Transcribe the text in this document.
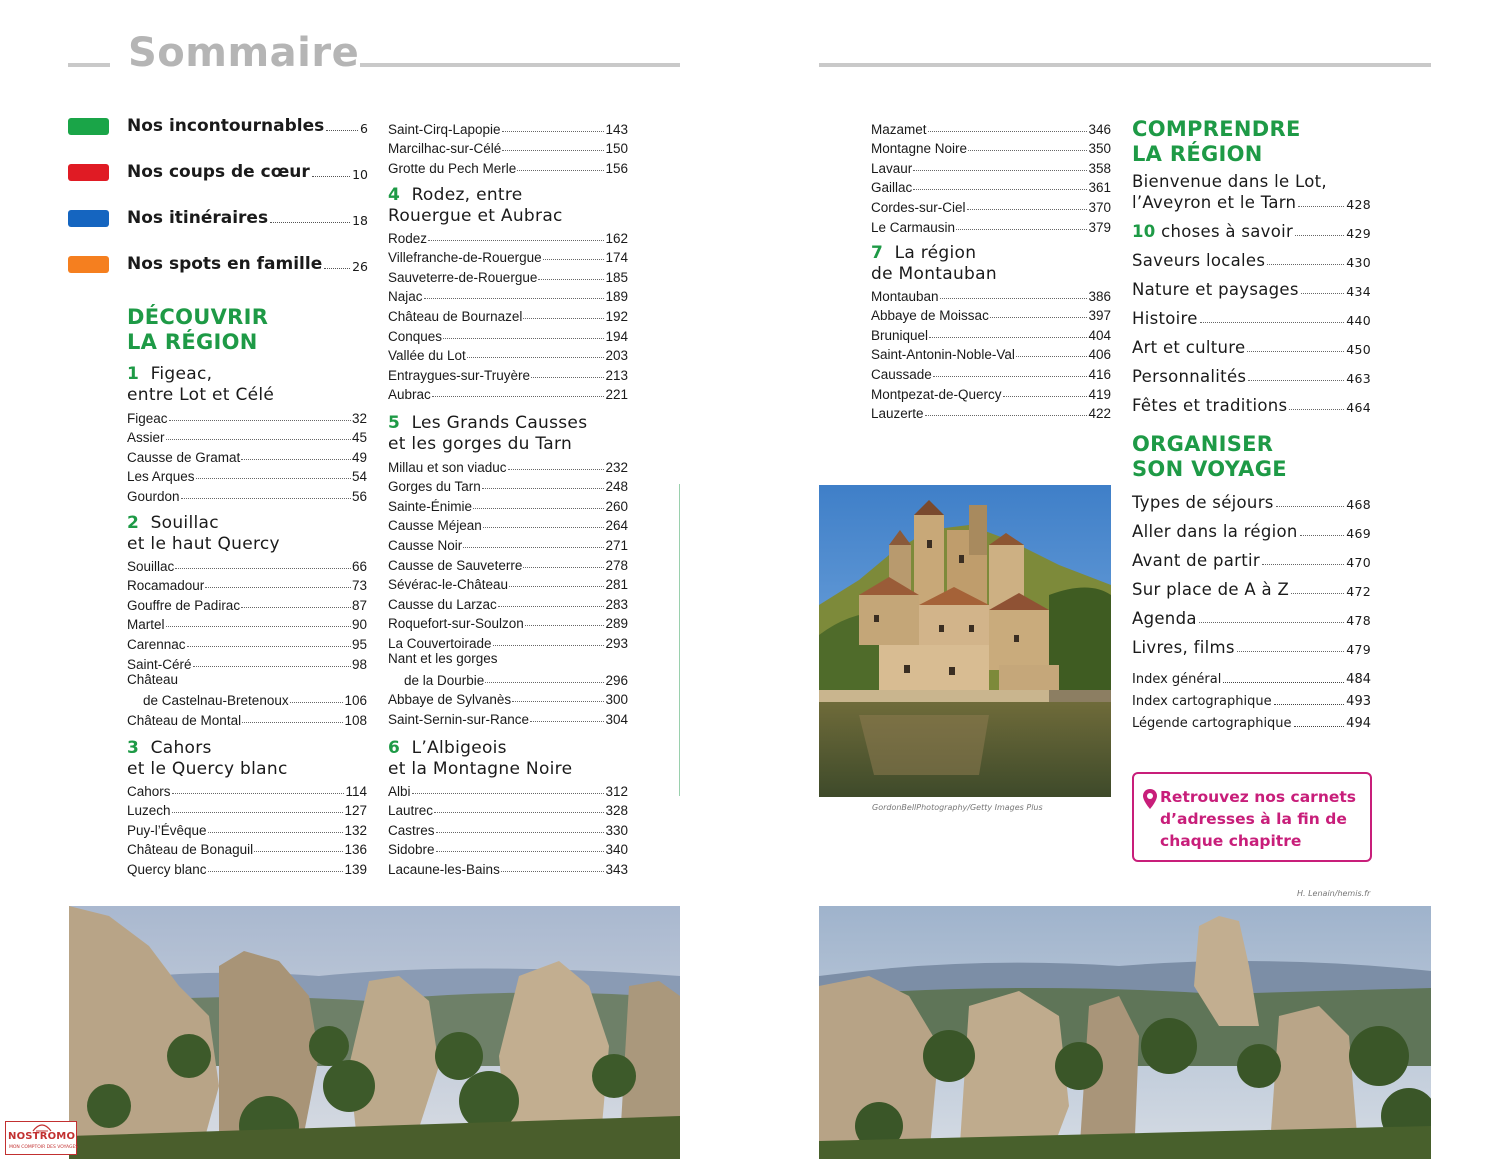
Sommaire
Nos incontournables	6
Nos coups de cœur	10
Nos itinéraires	18
Nos spots en famille 26
DÉCOUVRIR
LA RÉGION
1 Figeac,
entre Lot et Célé
Figeac	32
Assier	45
Causse de Gramat	49
Les Arques	54
Gourdon	56
2 Souillac
et le haut Quercy
Souillac	66
Rocamadour	73
Gouffre de Padirac	87
Martel	90
Carennac	95
Saint-Céré	98
Château
de Castelnau-Bretenoux	106
Château de Montal	108
3 Cahors
et le Quercy blanc
Cahors	114
Luzech	127
Puy-l’Évêque	132
Château de Bonaguil	136
Quercy blanc	139
Saint-Cirq-Lapopie	143
Marcilhac-sur-Célé	150
Grotte du Pech Merle	156
4 Rodez, entre
Rouergue et Aubrac
Rodez	162
Villefranche-de-Rouergue	174
Sauveterre-de-Rouergue	185
Najac	189
Château de Bournazel	192
Conques	194
Vallée du Lot	203
Entraygues-sur-Truyère	213
Aubrac	221
5 Les Grands Causses
et les gorges du Tarn
Millau et son viaduc	232
Gorges du Tarn	248
Sainte-Énimie	260
Causse Méjean	264
Causse Noir	271
Causse de Sauveterre	278
Sévérac-le-Château	281
Causse du Larzac	283
Roquefort-sur-Soulzon	289
La Couvertoirade	293
Nant et les gorges
de la Dourbie	296
Abbaye de Sylvanès	300
Saint-Sernin-sur-Rance	304
6 L’Albigeois
et la Montagne Noire
Albi	312
Lautrec	328
Castres	330
Sidobre	340
Lacaune-les-Bains	343
Mazamet	346
Montagne Noire	350
Lavaur	358
Gaillac	361
Cordes-sur-Ciel	370
Le Carmausin	379
7 La région
de Montauban
Montauban	386
Abbaye de Moissac	397
Bruniquel	404
Saint-Antonin-Noble-Val	406
Caussade	416
Montpezat-de-Quercy	419
Lauzerte	422
GordonBellPhotography/Getty Images Plus
COMPRENDRE
LA RÉGION
Bienvenue dans le Lot,
l’Aveyron et le Tarn	428
10
choses à savoir	429
Saveurs locales	430
Nature et paysages	434
Histoire	440
Art et culture	450
Personnalités	463
Fêtes et traditions	464
ORGANISER
SON VOYAGE
Types de séjours	468
Aller dans la région	469
Avant de partir	470
Sur place de A à Z	472
Agenda	478
Livres, films	479
Index général	484
Index cartographique	493
Légende cartographique	494
Retrouvez nos carnets
d’adresses à la fin de
chaque chapitre
H. Lenain/hemis.fr
NOSTROMO
MON COMPTOIR DES VOYAGES
